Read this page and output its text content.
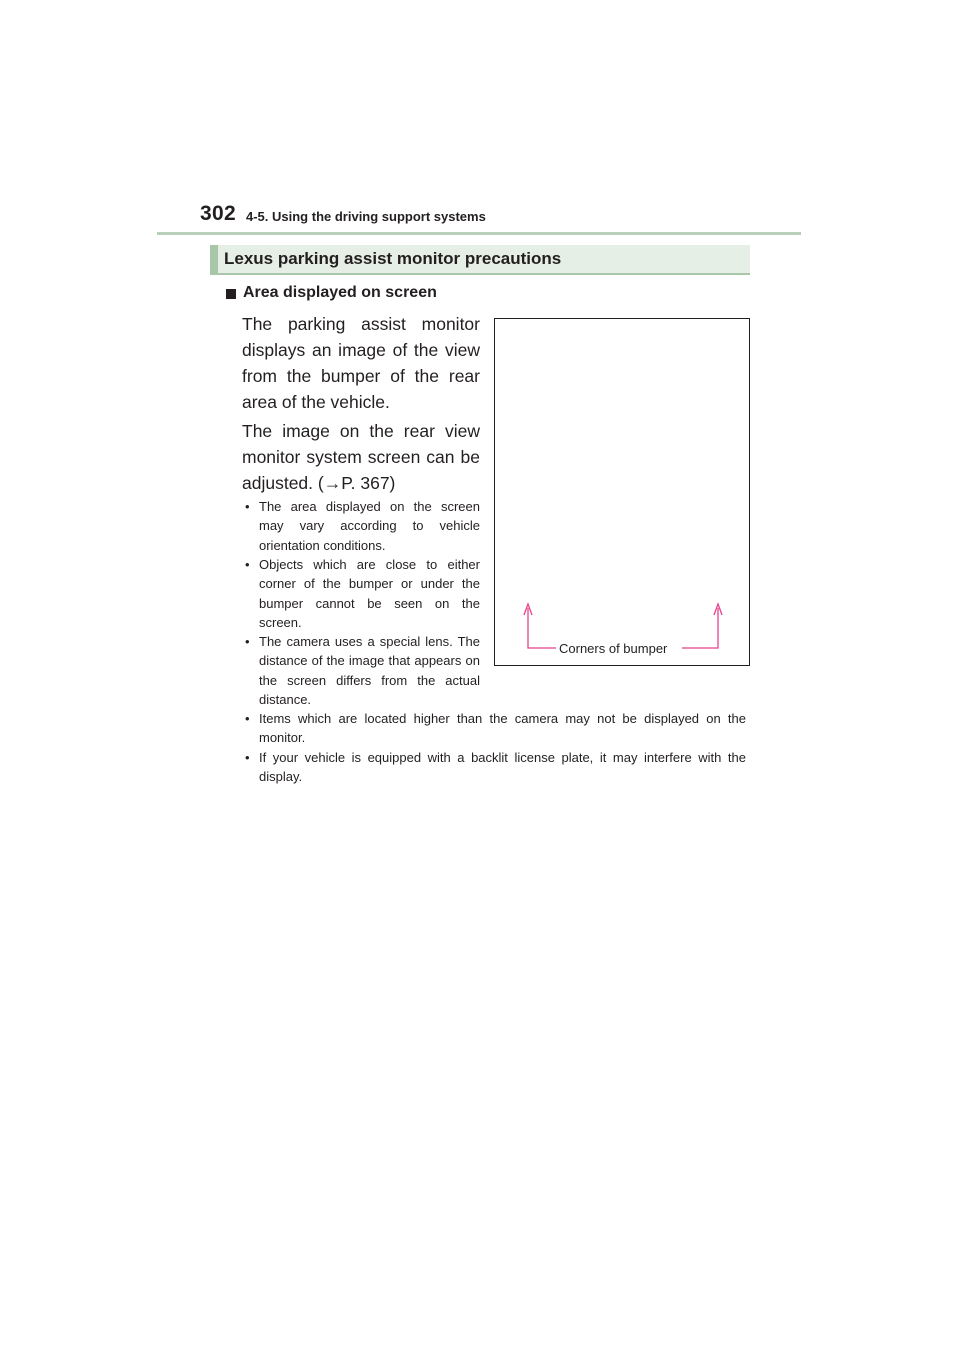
302 4-5. Using the driving support systems
Lexus parking assist monitor precautions
Area displayed on screen
The parking assist monitor displays an image of the view from the bumper of the rear area of the vehicle.
The image on the rear view monitor system screen can be adjusted. (→P. 367)
• The area displayed on the screen may vary according to vehicle orientation conditions.
• Objects which are close to either corner of the bumper or under the bumper cannot be seen on the screen.
• The camera uses a special lens. The distance of the image that appears on the screen differs from the actual distance.
• Items which are located higher than the camera may not be displayed on the monitor.
• If your vehicle is equipped with a backlit license plate, it may interfere with the display.
Corners of bumper
